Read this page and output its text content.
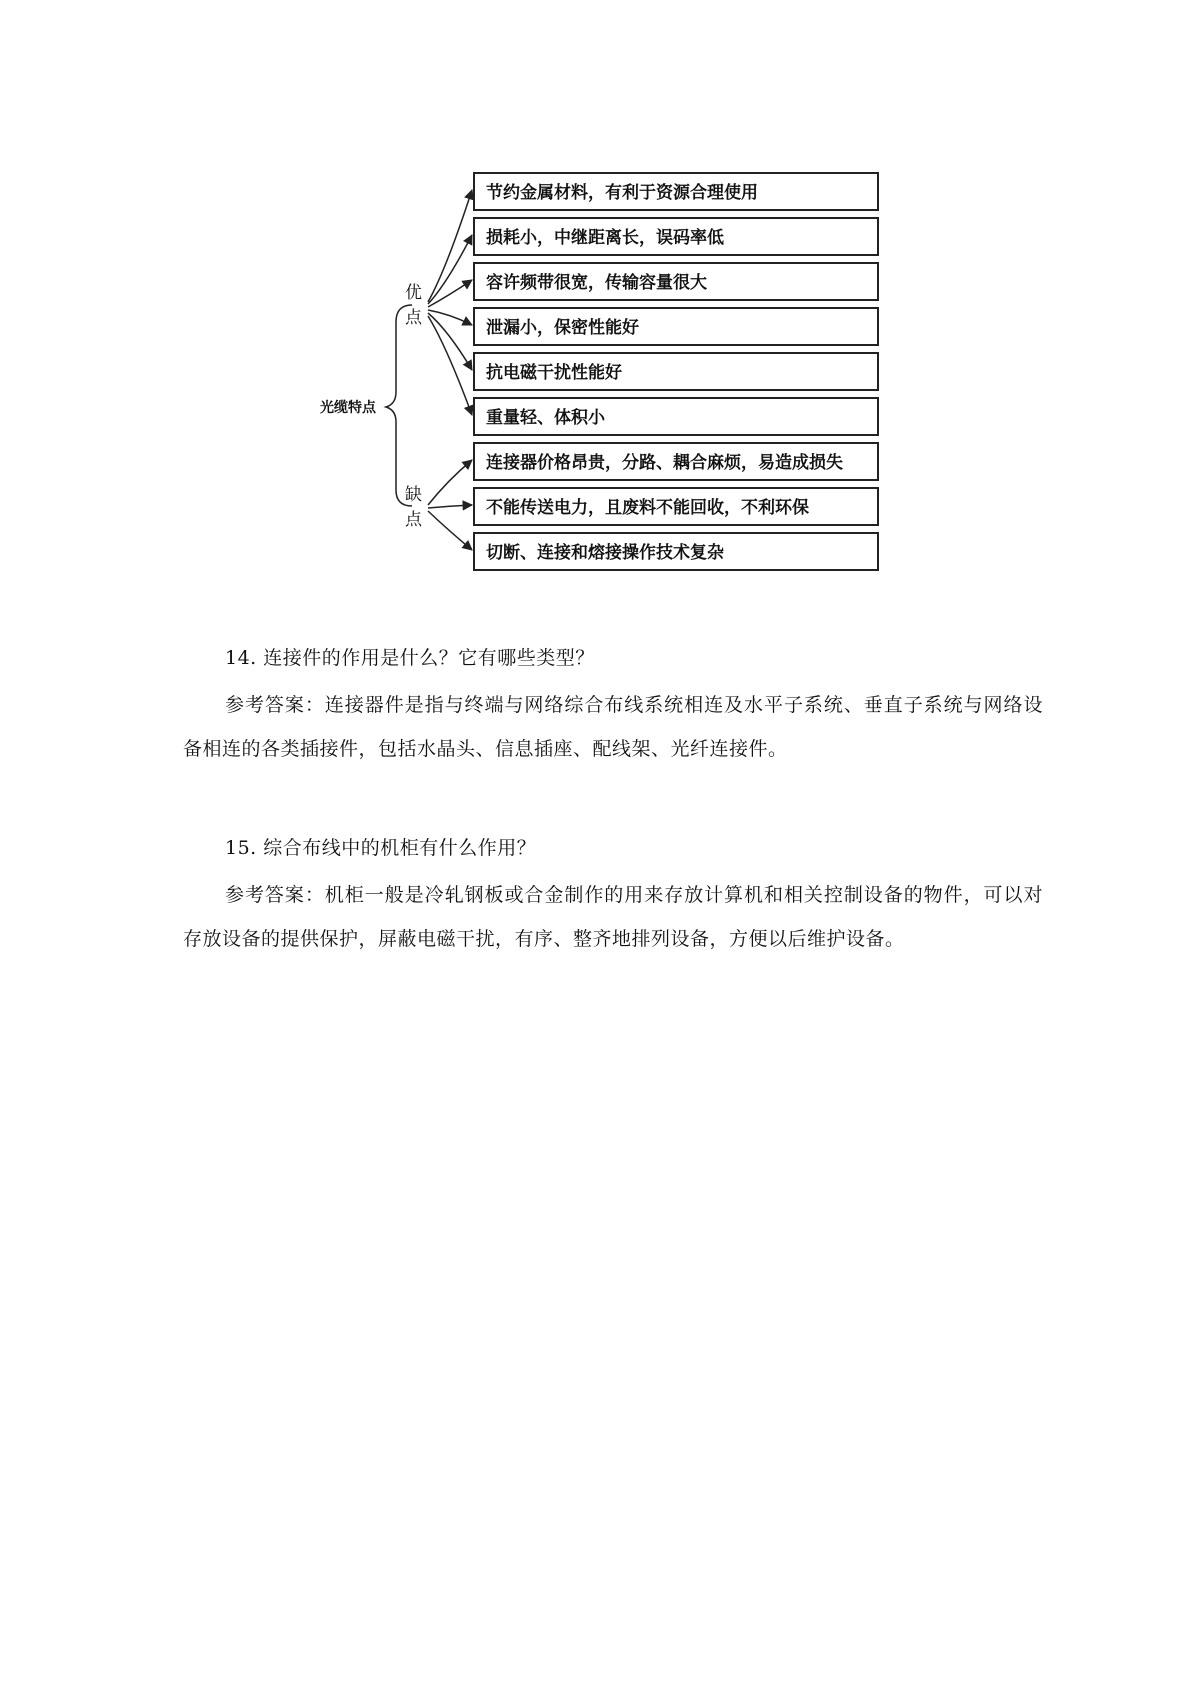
光缆特点
优
点
缺
点
节约金属材料，有利于资源合理使用
损耗小，中继距离长，误码率低
容许频带很宽，传输容量很大
泄漏小，保密性能好
抗电磁干扰性能好
重量轻、体积小
连接器价格昂贵，分路、耦合麻烦，易造成损失
不能传送电力，且废料不能回收，不利环保
切断、连接和熔接操作技术复杂

14. 连接件的作用是什么？它有哪些类型？

参考答案：连接器件是指与终端与网络综合布线系统相连及水平子系统、垂直子系统与网络设备相连的各类插接件，包括水晶头、信息插座、配线架、光纤连接件。

15. 综合布线中的机柜有什么作用？

参考答案：机柜一般是冷轧钢板或合金制作的用来存放计算机和相关控制设备的物件，可以对存放设备的提供保护，屏蔽电磁干扰，有序、整齐地排列设备，方便以后维护设备。
